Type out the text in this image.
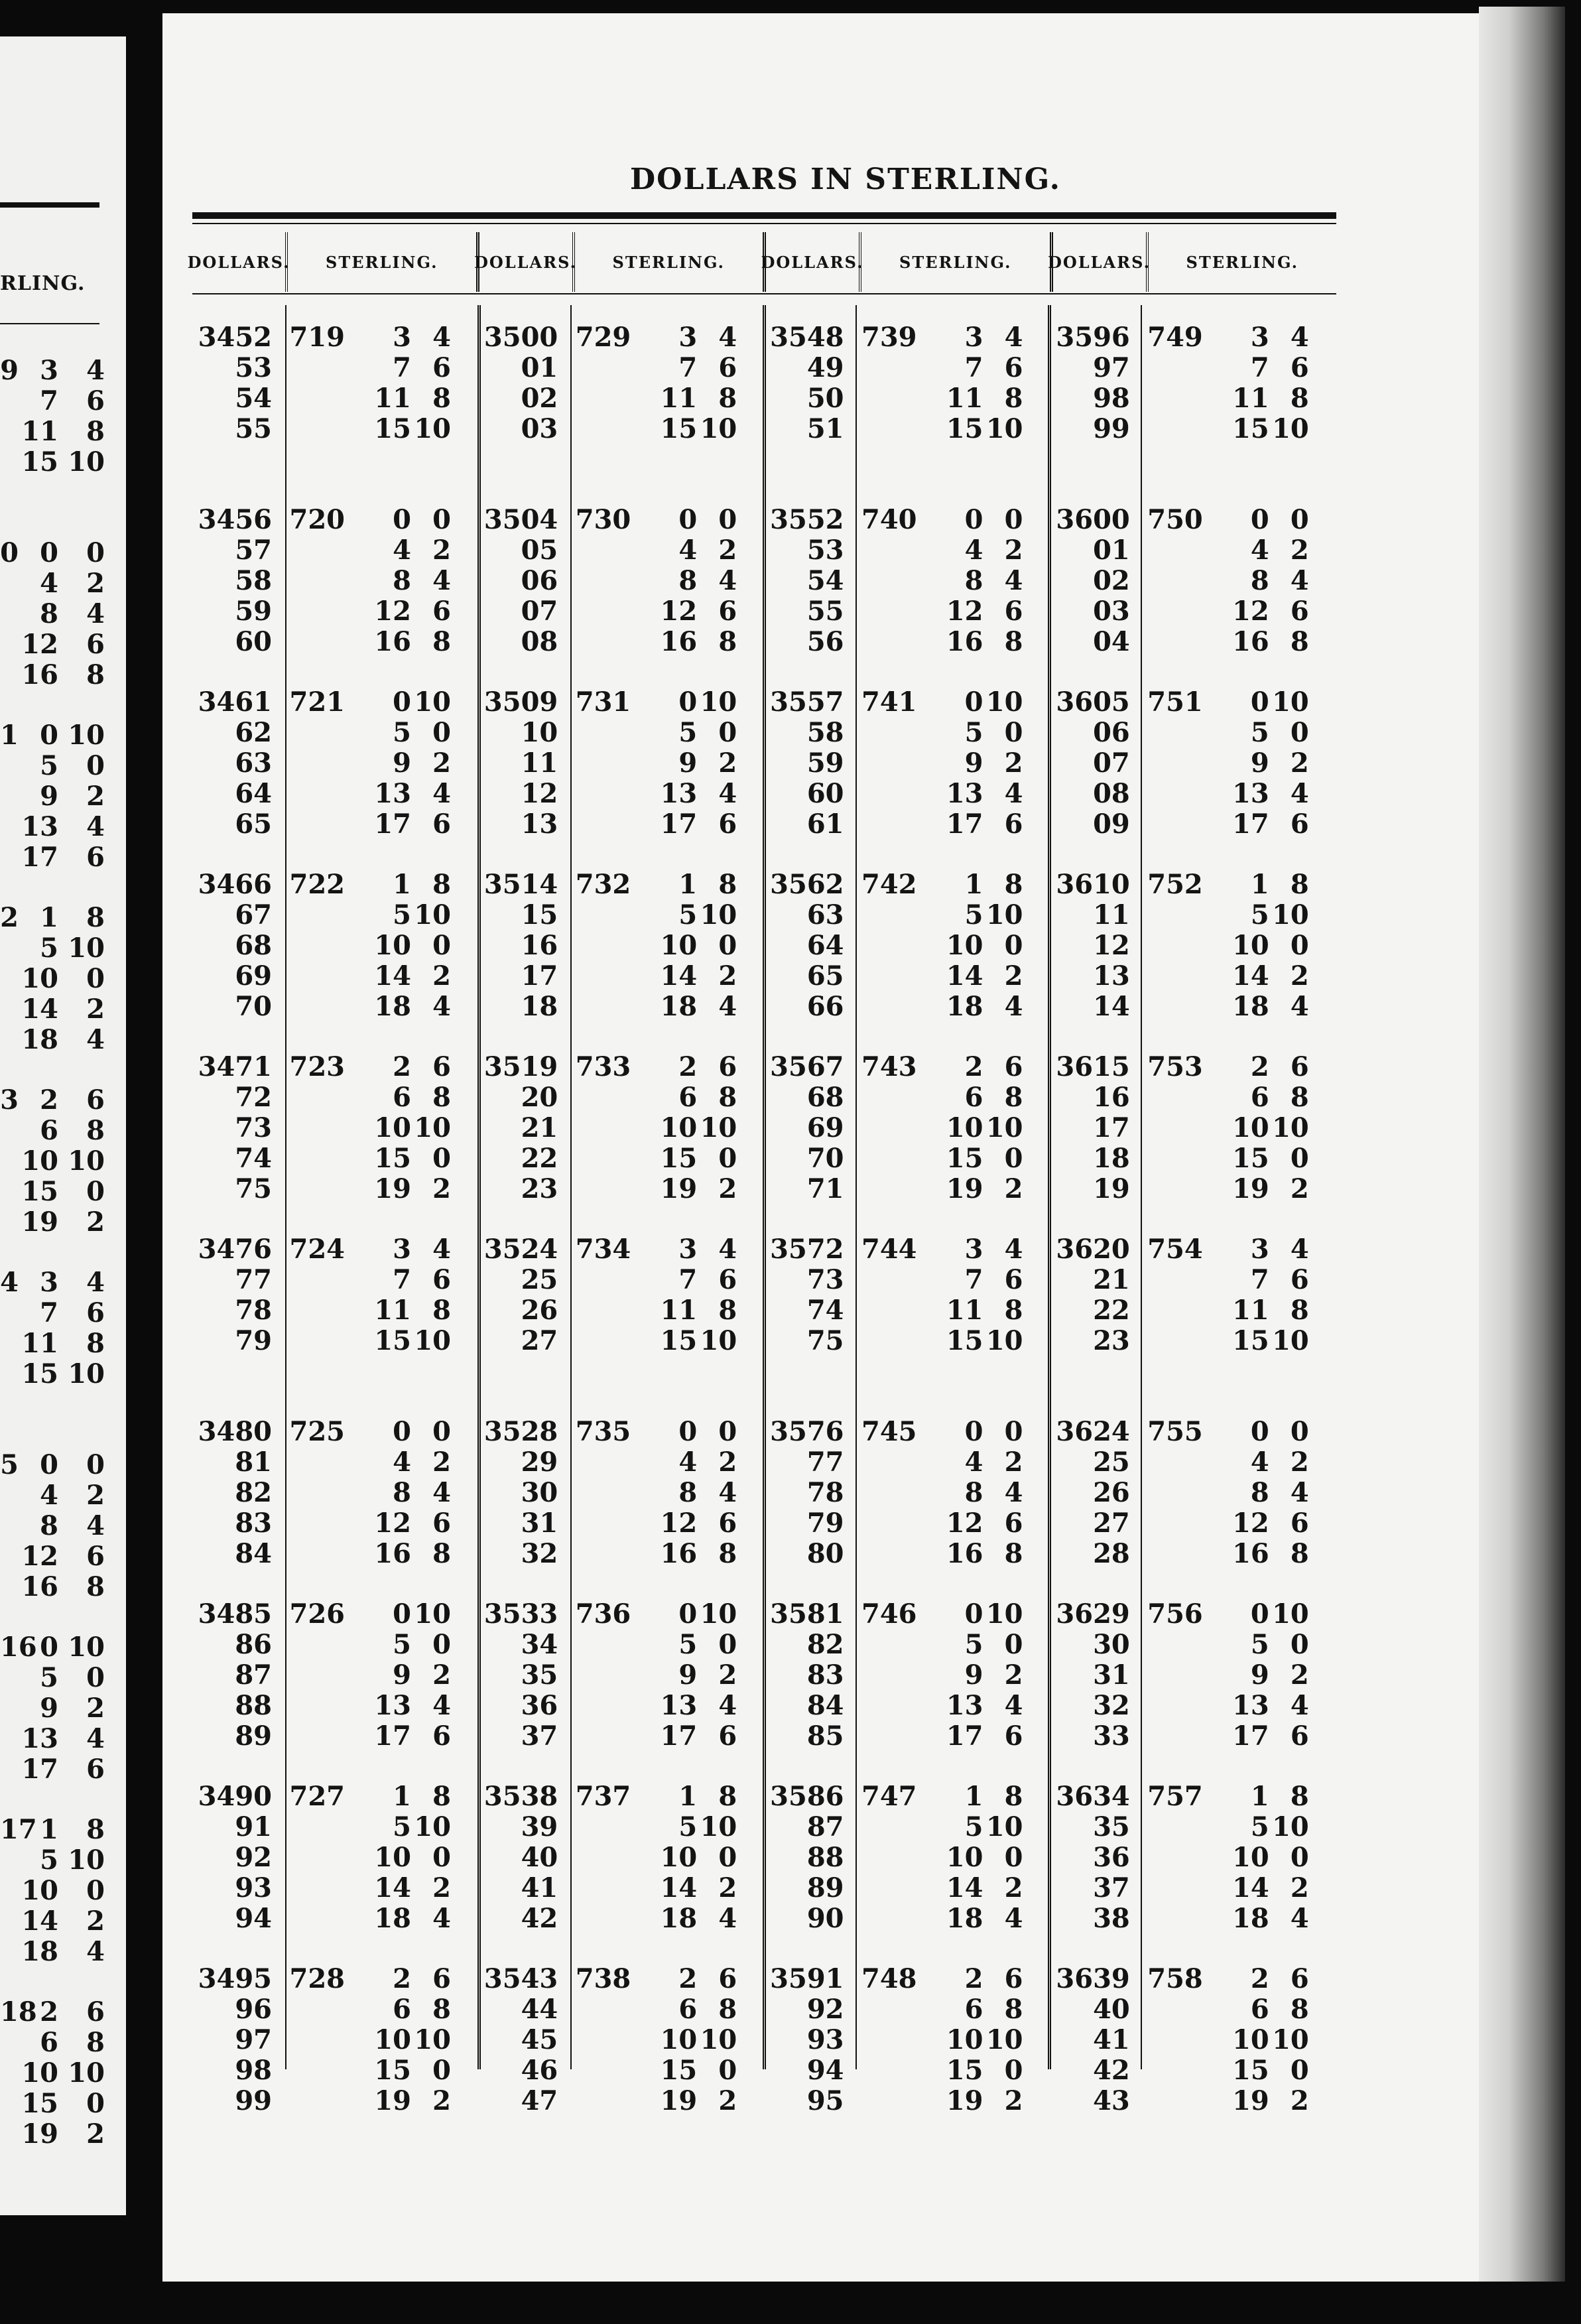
RLING.
9 3	4
7	6
11	8
15 10
0 0	0
4	2
8	4
12	6
16	8
1 0 10
5	0
9	2
13	4
17	6
2 1	8
5 10
10	0
14	2
18	4
3 2	6
6	8
10 10
15	0
19	2
4 3	4
7	6
11	8
15 10
5 0	0
4	2
8	4
12	6
16	8
16 0 10
5	0
9	2
13	4
17	6
17 1	8
5 10
10	0
14	2
18	4
18 2	6
6	8
10 10
15	0
19	2
DOLLARS IN STERLING.
DOLLARS.	STERLING.	DOLLARS.	STERLING.	DOLLARS.	STERLING.	DOLLARS.	STERLING.
3452 719	3 4
53	7 6
54	11 8
55	15 10
3456 720	0 0
57	4 2
58	8 4
59	12 6
60	16 8
3461 721	0 10
62	5 0
63	9 2
64	13 4
65	17 6
3466 722	1 8
67	5 10
68	10 0
69	14 2
70	18 4
3471 723	2 6
72	6 8
73	10 10
74	15 0
75	19 2
3476 724	3 4
77	7 6
78	11 8
79	15 10
3480 725	0 0
81	4 2
82	8 4
83	12 6
84	16 8
3485 726	0 10
86	5 0
87	9 2
88	13 4
89	17 6
3490 727	1 8
91	5 10
92	10 0
93	14 2
94	18 4
3495 728	2 6
96	6 8
97	10 10
98	15 0
99	19 2
3500 729	3 4
01	7 6
02	11 8
03	15 10
3504 730	0 0
05	4 2
06	8 4
07	12 6
08	16 8
3509 731	0 10
10	5 0
11	9 2
12	13 4
13	17 6
3514 732	1 8
15	5 10
16	10 0
17	14 2
18	18 4
3519 733	2 6
20	6 8
21	10 10
22	15 0
23	19 2
3524 734	3 4
25	7 6
26	11 8
27	15 10
3528 735	0 0
29	4 2
30	8 4
31	12 6
32	16 8
3533 736	0 10
34	5 0
35	9 2
36	13 4
37	17 6
3538 737	1 8
39	5 10
40	10 0
41	14 2
42	18 4
3543 738	2 6
44	6 8
45	10 10
46	15 0
47	19 2
3548 739	3 4
49	7 6
50	11 8
51	15 10
3552 740	0 0
53	4 2
54	8 4
55	12 6
56	16 8
3557 741	0 10
58	5 0
59	9 2
60	13 4
61	17 6
3562 742	1 8
63	5 10
64	10 0
65	14 2
66	18 4
3567 743	2 6
68	6 8
69	10 10
70	15 0
71	19 2
3572 744	3 4
73	7 6
74	11 8
75	15 10
3576 745	0 0
77	4 2
78	8 4
79	12 6
80	16 8
3581 746	0 10
82	5 0
83	9 2
84	13 4
85	17 6
3586 747	1 8
87	5 10
88	10 0
89	14 2
90	18 4
3591 748	2 6
92	6 8
93	10 10
94	15 0
95	19 2
3596 749	3 4
97	7 6
98	11 8
99	15 10
3600 750	0 0
01	4 2
02	8 4
03	12 6
04	16 8
3605 751	0 10
06	5 0
07	9 2
08	13 4
09	17 6
3610 752	1 8
11	5 10
12	10 0
13	14 2
14	18 4
3615 753	2 6
16	6 8
17	10 10
18	15 0
19	19 2
3620 754	3 4
21	7 6
22	11 8
23	15 10
3624 755	0 0
25	4 2
26	8 4
27	12 6
28	16 8
3629 756	0 10
30	5 0
31	9 2
32	13 4
33	17 6
3634 757	1 8
35	5 10
36	10 0
37	14 2
38	18 4
3639 758	2 6
40	6 8
41	10 10
42	15 0
43	19 2
